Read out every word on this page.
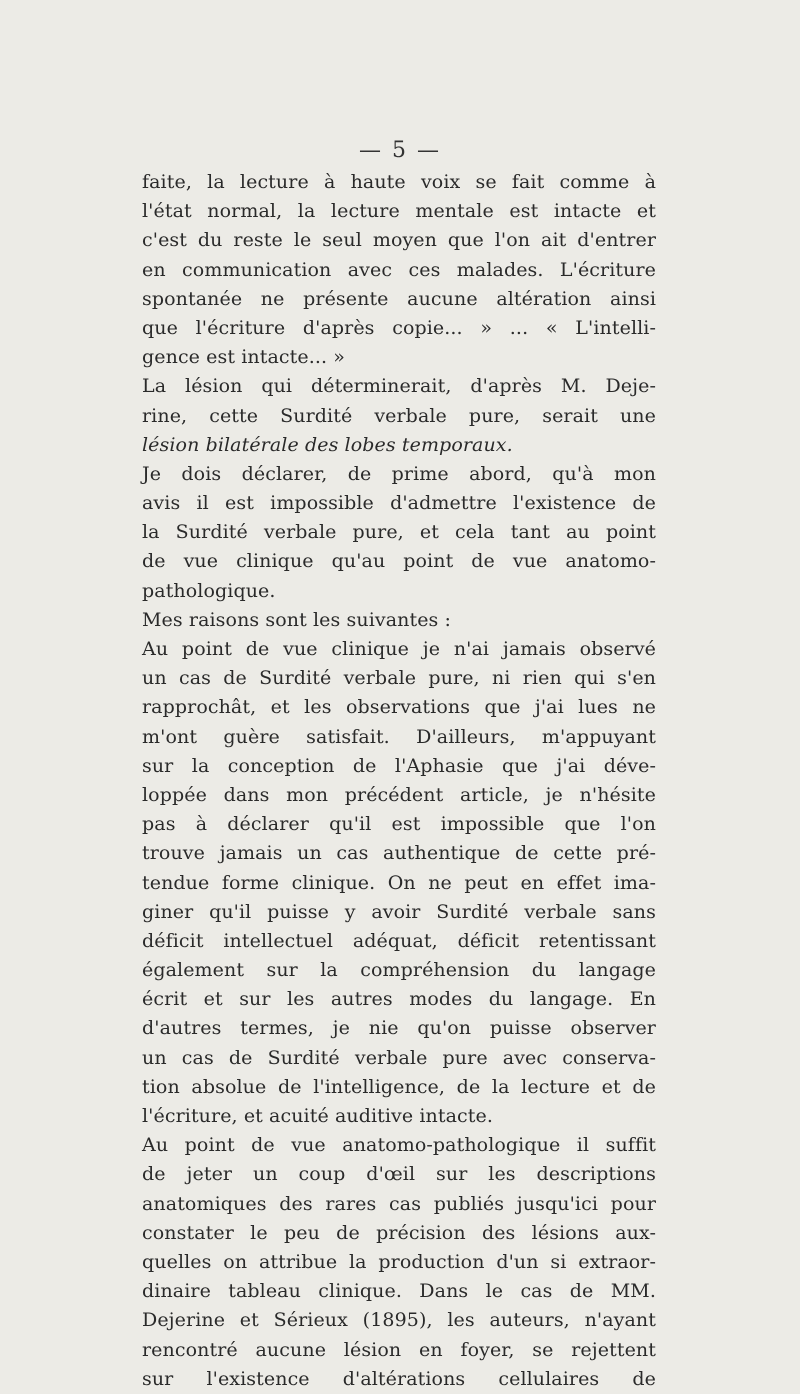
— 5 —
faite, la lecture à haute voix se fait comme à
l'état normal, la lecture mentale est intacte et
c'est du reste le seul moyen que l'on ait d'entrer
en communication avec ces malades. L'écriture
spontanée ne présente aucune altération ainsi
que l'écriture d'après copie... » ... « L'intelli-
gence est intacte... »
La lésion qui déterminerait, d'après M. Deje-
rine, cette Surdité verbale pure, serait une
lésion bilatérale des lobes temporaux.
Je dois déclarer, de prime abord, qu'à mon
avis il est impossible d'admettre l'existence de
la Surdité verbale pure, et cela tant au point
de vue clinique qu'au point de vue anatomo-
pathologique.
Mes raisons sont les suivantes :
Au point de vue clinique je n'ai jamais observé
un cas de Surdité verbale pure, ni rien qui s'en
rapprochât, et les observations que j'ai lues ne
m'ont guère satisfait. D'ailleurs, m'appuyant
sur la conception de l'Aphasie que j'ai déve-
loppée dans mon précédent article, je n'hésite
pas à déclarer qu'il est impossible que l'on
trouve jamais un cas authentique de cette pré-
tendue forme clinique. On ne peut en effet ima-
giner qu'il puisse y avoir Surdité verbale sans
déficit intellectuel adéquat, déficit retentissant
également sur la compréhension du langage
écrit et sur les autres modes du langage. En
d'autres termes, je nie qu'on puisse observer
un cas de Surdité verbale pure avec conserva-
tion absolue de l'intelligence, de la lecture et de
l'écriture, et acuité auditive intacte.
Au point de vue anatomo-pathologique il suffit
de jeter un coup d'œil sur les descriptions
anatomiques des rares cas publiés jusqu'ici pour
constater le peu de précision des lésions aux-
quelles on attribue la production d'un si extraor-
dinaire tableau clinique. Dans le cas de MM.
Dejerine et Sérieux (1895), les auteurs, n'ayant
rencontré aucune lésion en foyer, se rejettent
sur l'existence d'altérations cellulaires de
